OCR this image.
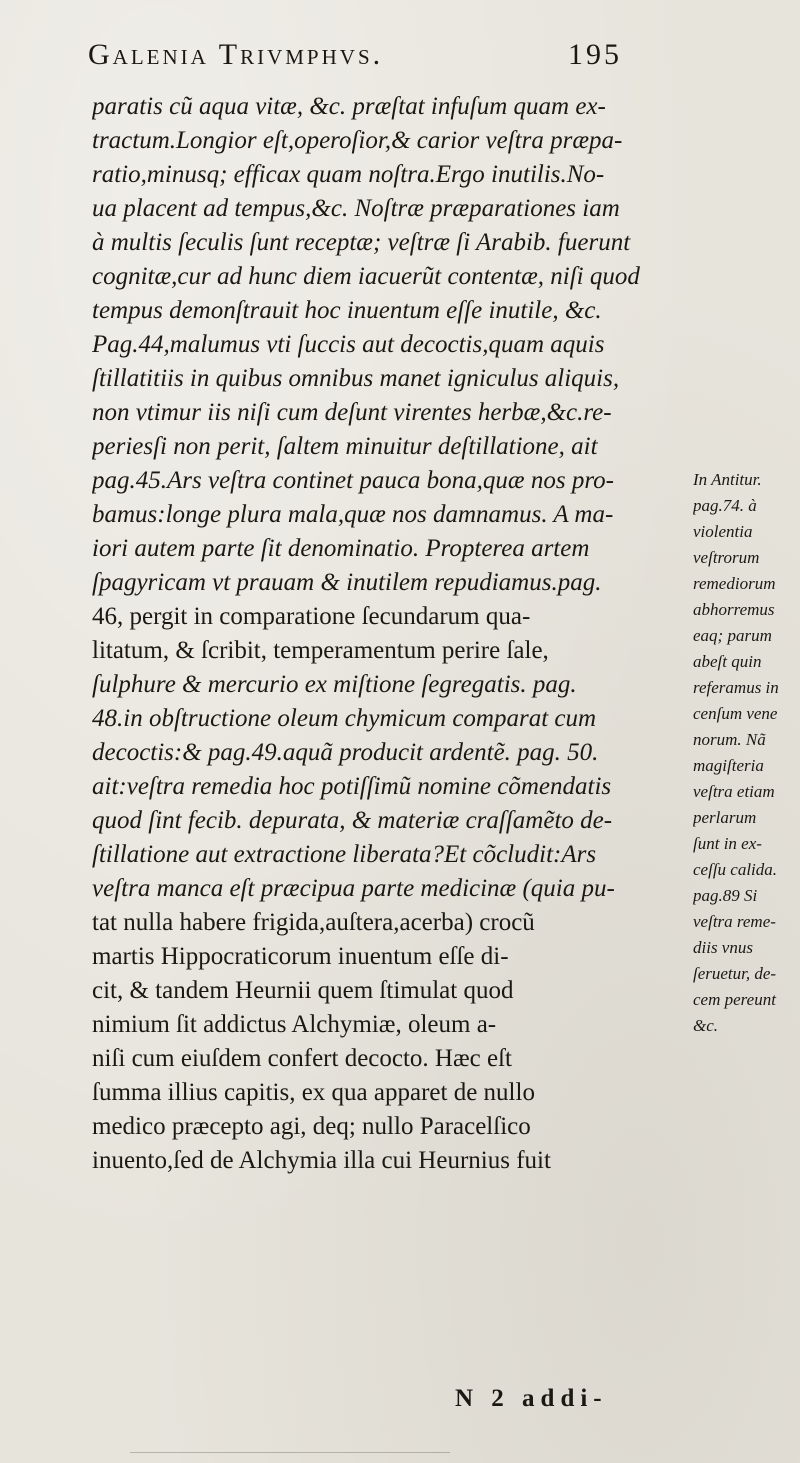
Galenia Trivmphvs.	195
paratis cũ aqua vitæ, &c. præſtat infuſum quam ex-
tractum.Longior eſt,operoſior,& carior veſtra præpa-
ratio,minusq; efficax quam noſtra.Ergo inutilis.No-
ua placent ad tempus,&c. Noſtræ præparationes iam
à multis ſeculis ſunt receptæ; veſtræ ſi Arabib. fuerunt
cognitæ,cur ad hunc diem iacuerũt contentæ, niſi quod
tempus demonſtrauit hoc inuentum eſſe inutile, &c.
Pag.44,malumus vti ſuccis aut decoctis,quam aquis
ſtillatitiis in quibus omnibus manet igniculus aliquis,
non vtimur iis niſi cum deſunt virentes herbæ,&c.re-
periesſi non perit, ſaltem minuitur deſtillatione, ait
pag.45.Ars veſtra continet pauca bona,quæ nos pro-
bamus:longe plura mala,quæ nos damnamus. A ma-
iori autem parte ſit denominatio. Propterea artem
ſpagyricam vt prauam & inutilem repudiamus.pag.
46, pergit in comparatione ſecundarum qua-
litatum, & ſcribit, temperamentum perire ſale,
ſulphure & mercurio ex miſtione ſegregatis. pag.
48.in obſtructione oleum chymicum comparat cum
decoctis:& pag.49.aquã producit ardentẽ. pag. 50.
ait:veſtra remedia hoc potiſſimũ nomine cõmendatis
quod ſint fecib. depurata, & materiæ craſſamẽto de-
ſtillatione aut extractione liberata?Et cõcludit:Ars
veſtra manca eſt præcipua parte medicinæ (quia pu-
tat nulla habere frigida,auſtera,acerba) crocũ
martis Hippocraticorum inuentum eſſe di-
cit, & tandem Heurnii quem ſtimulat quod
nimium ſit addictus Alchymiæ, oleum a-
niſi cum eiuſdem confert decocto. Hæc eſt
ſumma illius capitis, ex qua apparet de nullo
medico præcepto agi, deq; nullo Paracelſico
inuento,ſed de Alchymia illa cui Heurnius fuit
N 2 addi-
In Antitur.
pag.74. à
violentia
veſtrorum
remediorum
abhorremus
eaq; parum
abeſt quin
referamus in
cenſum vene
norum. Nã
magiſteria
veſtra etiam
perlarum
ſunt in ex-
ceſſu calida.
pag.89 Si
veſtra reme-
diis vnus
ſeruetur, de-
cem pereunt
&c.
